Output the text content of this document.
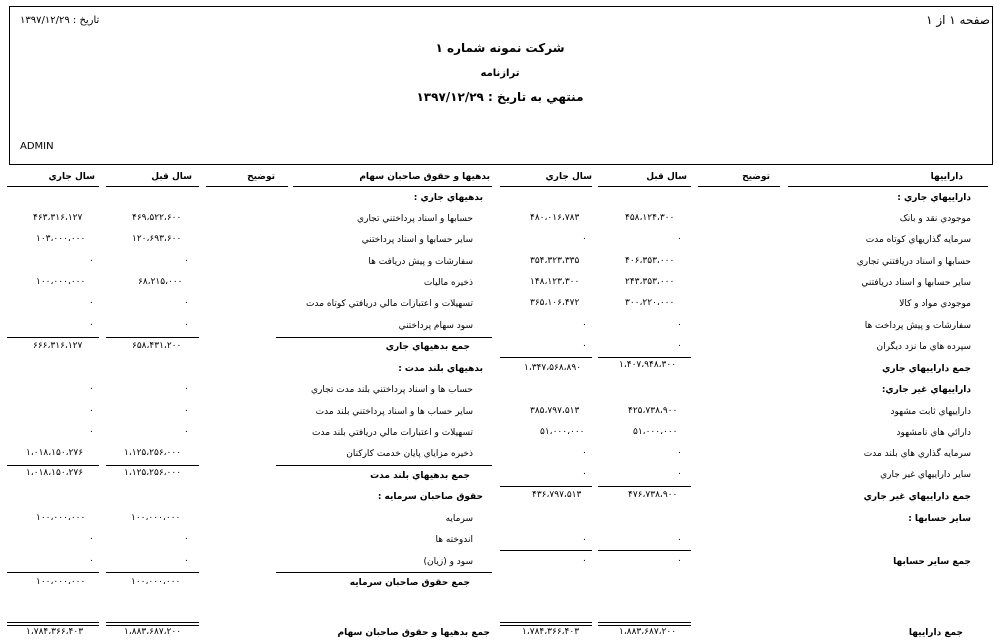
صفحه ۱ از ۱
تاریخ : ۱۳۹۷/۱۲/۲۹
شرکت نمونه شماره ۱
ترازنامه
منتهي به تاريخ : ۱۳۹۷/۱۲/۲۹
ADMIN
داراييها
توضيح
سال قبل
سال جاري
بدهيها و حقوق صاحبان سهام
توضيح
سال قبل
سال جاري
داراييهاي جاري :
موجودي نقد و بانک
۴۵۸،۱۲۴،۳۰۰
۴۸۰،۰۱۶،۷۸۳
سرمايه گذاريهاي کوتاه مدت
۰
۰
حسابها و اسناد دريافتني تجاري
۴۰۶،۳۵۳،۰۰۰
۳۵۴،۳۲۳،۳۳۵
ساير حسابها و اسناد دريافتني
۲۴۳،۳۵۳،۰۰۰
۱۴۸،۱۲۳،۳۰۰
موجودي مواد و کالا
۳۰۰،۲۲۰،۰۰۰
۳۶۵،۱۰۶،۴۷۲
سفارشات و پيش پرداخت ها
۰
۰
سپرده هاي ما نزد ديگران
۰
۰
جمع داراييهاي جاري
۱،۴۰۷،۹۴۸،۳۰۰
۱،۳۴۷،۵۶۸،۸۹۰
داراييهاي غير جاري:
داراييهاي ثابت مشهود
۴۲۵،۷۳۸،۹۰۰
۳۸۵،۷۹۷،۵۱۳
دارائي هاي نامشهود
۵۱،۰۰۰،۰۰۰
۵۱،۰۰۰،۰۰۰
سرمايه گذاري هاي بلند مدت
۰
۰
ساير داراييهاي غير جاري
۰
۰
جمع داراييهاي غير جاري
۴۷۶،۷۳۸،۹۰۰
۴۳۶،۷۹۷،۵۱۳
ساير حسابها :
۰
۰
جمع ساير حسابها
۰
۰
جمع داراييها
۱،۸۸۳،۶۸۷،۲۰۰
۱،۷۸۴،۳۶۶،۴۰۳
بدهيهاي جاري :
حسابها و اسناد پرداختني تجاري
۴۶۹،۵۲۲،۶۰۰
۴۶۳،۳۱۶،۱۲۷
ساير حسابها و اسناد پرداختني
۱۲۰،۶۹۳،۶۰۰
۱۰۳،۰۰۰،۰۰۰
سفارشات و پيش دريافت ها
۰
۰
ذخيره ماليات
۶۸،۲۱۵،۰۰۰
۱۰۰،۰۰۰،۰۰۰
تسهيلات و اعتبارات مالي دريافتي کوتاه مدت
۰
۰
سود سهام پرداختني
۰
۰
جمع بدهيهاي جاري
۶۵۸،۴۳۱،۲۰۰
۶۶۶،۳۱۶،۱۲۷
بدهيهاي بلند مدت :
حساب ها و اسناد پرداختني بلند مدت تجاري
۰
۰
ساير حساب ها و اسناد پرداختني بلند مدت
۰
۰
تسهيلات و اعتبارات مالي دريافتي بلند مدت
۰
۰
ذخيره مزاياي پايان خدمت کارکنان
۱،۱۲۵،۲۵۶،۰۰۰
۱،۰۱۸،۱۵۰،۲۷۶
جمع بدهيهاي بلند مدت
۱،۱۲۵،۲۵۶،۰۰۰
۱،۰۱۸،۱۵۰،۲۷۶
حقوق صاحبان سرمايه :
سرمايه
۱۰۰،۰۰۰،۰۰۰
۱۰۰،۰۰۰،۰۰۰
اندوخته ها
۰
۰
سود و (زيان)
۰
۰
جمع حقوق صاحبان سرمايه
۱۰۰،۰۰۰،۰۰۰
۱۰۰،۰۰۰،۰۰۰
جمع بدهيها و حقوق صاحبان سهام
۱،۸۸۳،۶۸۷،۲۰۰
۱،۷۸۴،۳۶۶،۴۰۳
